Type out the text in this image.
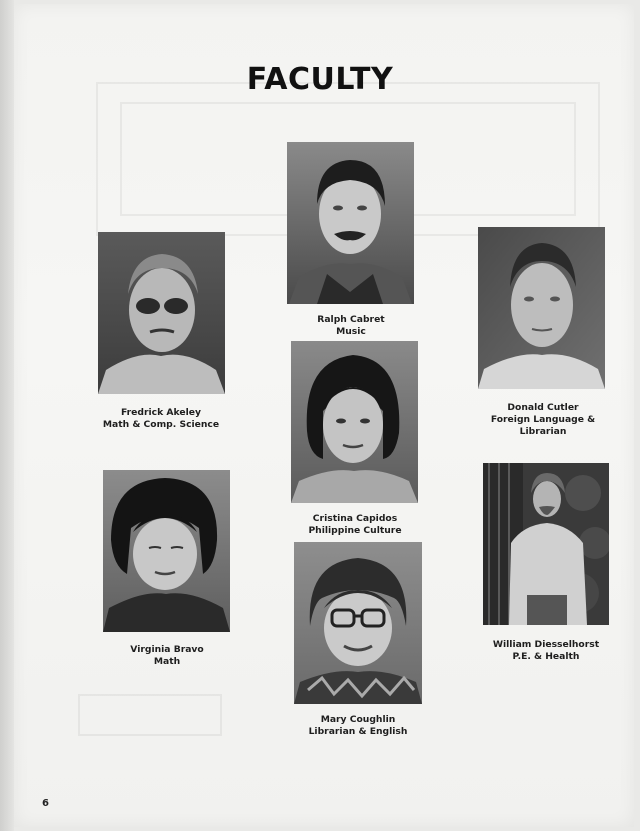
FACULTY
Ralph Cabret
Music
Fredrick Akeley
Math & Comp. Science
Donald Cutler
Foreign Language &
Librarian
Cristina Capidos
Philippine Culture
Virginia Bravo
Math
William Diesselhorst
P.E. & Health
Mary Coughlin
Librarian & English
6
